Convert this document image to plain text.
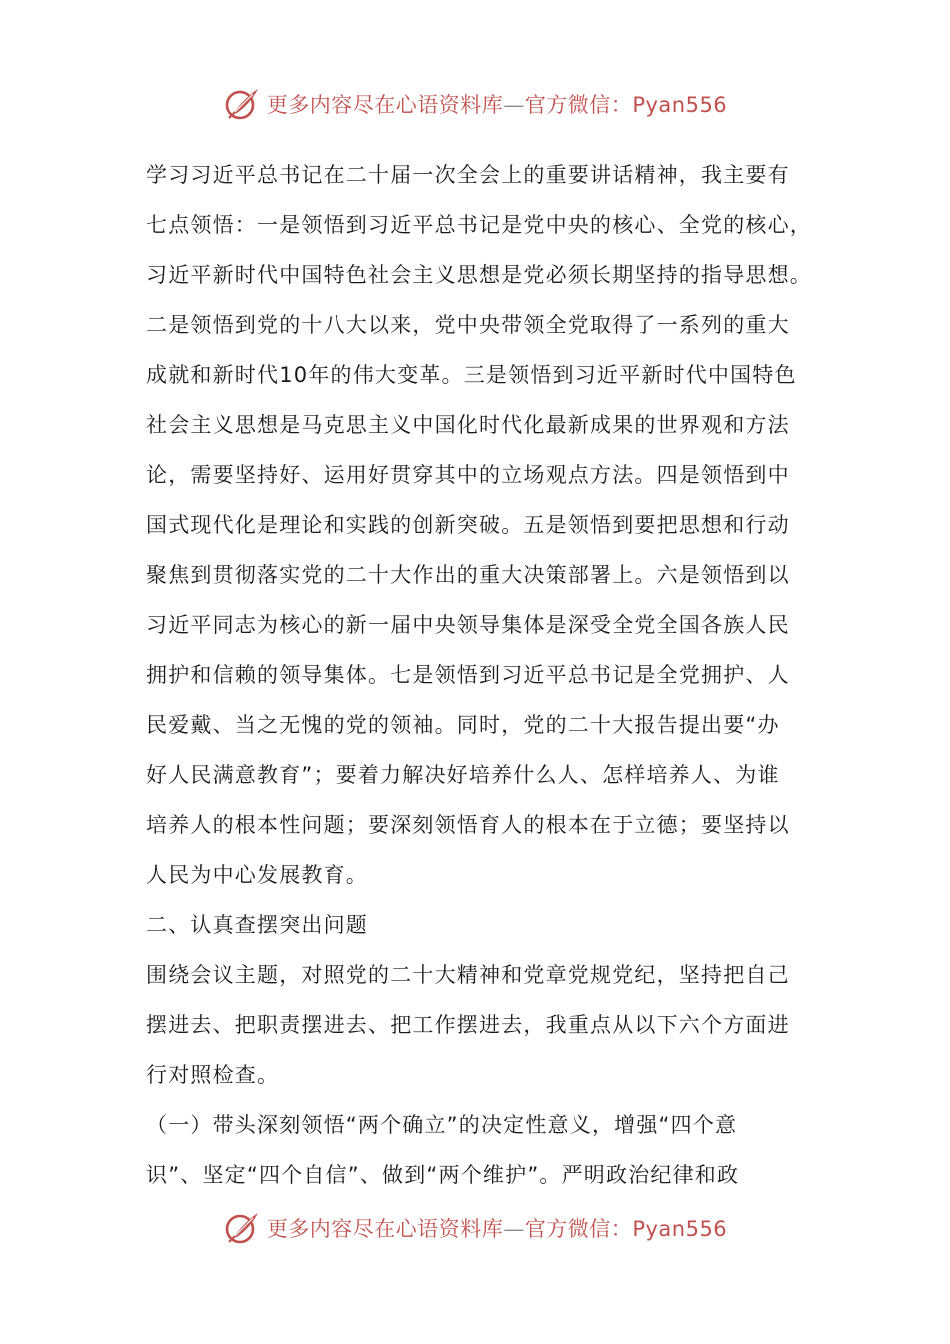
更多内容尽在心语资料库—官方微信：Pyan556
学习习近平总书记在二十届一次全会上的重要讲话精神，我主要有
七点领悟：一是领悟到习近平总书记是党中央的核心、全党的核心，
习近平新时代中国特色社会主义思想是党必须长期坚持的指导思想。
二是领悟到党的十八大以来，党中央带领全党取得了一系列的重大
成就和新时代10年的伟大变革。三是领悟到习近平新时代中国特色
社会主义思想是马克思主义中国化时代化最新成果的世界观和方法
论，需要坚持好、运用好贯穿其中的立场观点方法。四是领悟到中
国式现代化是理论和实践的创新突破。五是领悟到要把思想和行动
聚焦到贯彻落实党的二十大作出的重大决策部署上。六是领悟到以
习近平同志为核心的新一届中央领导集体是深受全党全国各族人民
拥护和信赖的领导集体。七是领悟到习近平总书记是全党拥护、人
民爱戴、当之无愧的党的领袖。同时，党的二十大报告提出要“办
好人民满意教育”；要着力解决好培养什么人、怎样培养人、为谁
培养人的根本性问题；要深刻领悟育人的根本在于立德；要坚持以
人民为中心发展教育。
二、认真查摆突出问题
围绕会议主题，对照党的二十大精神和党章党规党纪，坚持把自己
摆进去、把职责摆进去、把工作摆进去，我重点从以下六个方面进
行对照检查。
（一）带头深刻领悟“两个确立”的决定性意义，增强“四个意
识”、坚定“四个自信”、做到“两个维护”。严明政治纪律和政
更多内容尽在心语资料库—官方微信：Pyan556
